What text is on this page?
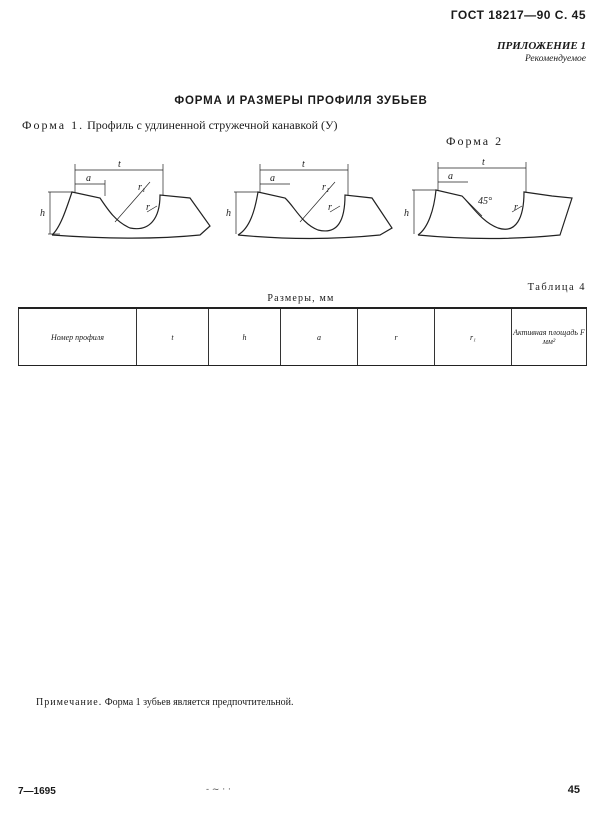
ГОСТ 18217—90 С. 45
ПРИЛОЖЕНИЕ 1
Рекомендуемое
ФОРМА И РАЗМЕРЫ ПРОФИЛЯ ЗУБЬЕВ
Форма 1. Профиль с удлиненной стружечной канавкой (У)
Форма 2
t
a
h
r₁
r
t
a
h
r₁
r
t
a
h
45°
r
Таблица 4
Размеры, мм
Номер профиля	t	h	a	r	r₁	Активная площадь F мм²
Примечание. Форма 1 зубьев является предпочтительной.
7—1695	- ~ · ·	45
